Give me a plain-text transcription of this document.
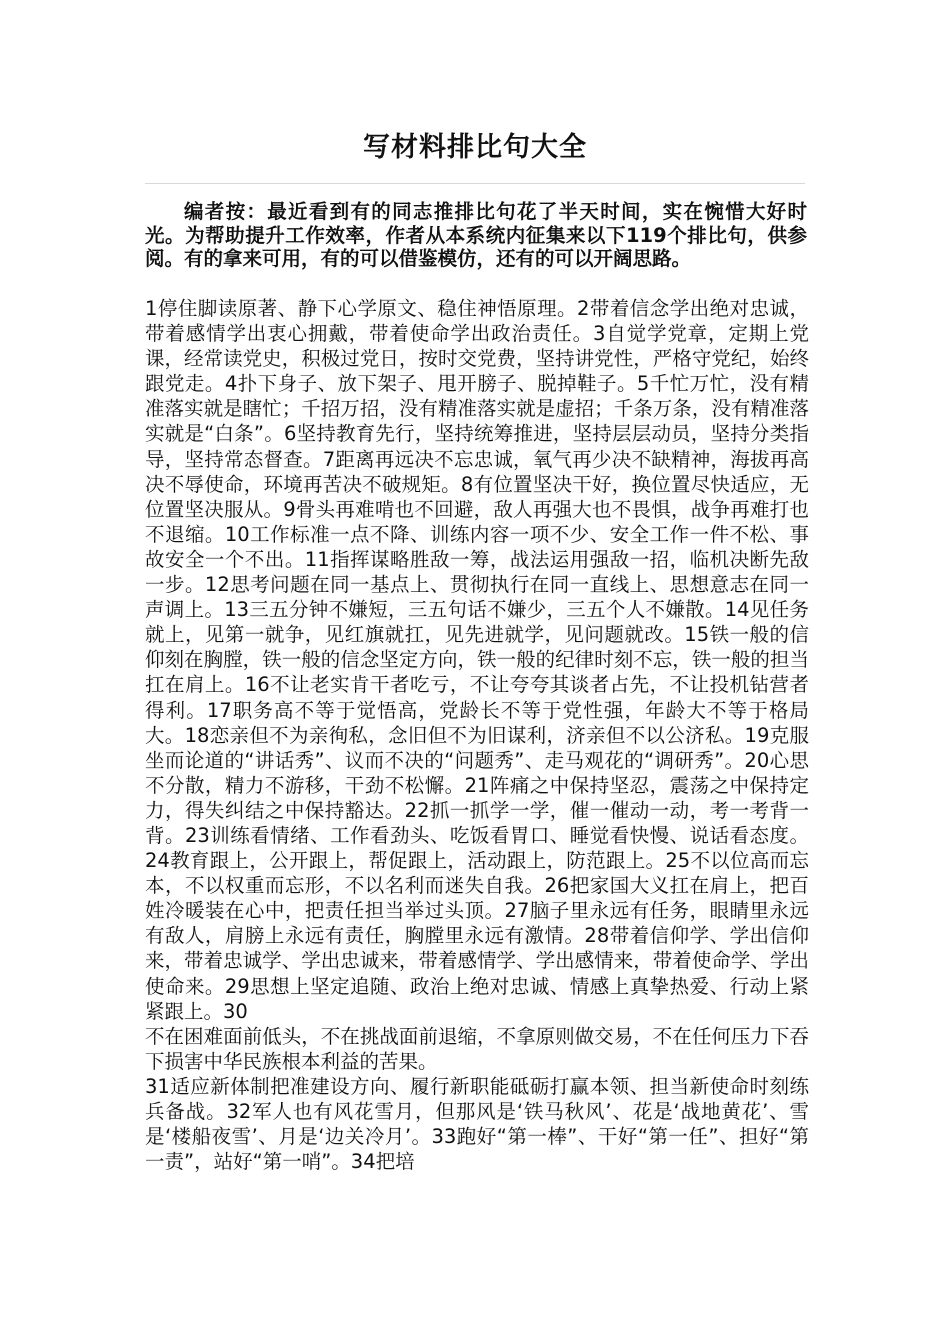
写材料排比句大全

编者按：最近看到有的同志推排比句花了半天时间，实在惋惜大好时光。为帮助提升工作效率，作者从本系统内征集来以下119个排比句，供参阅。有的拿来可用，有的可以借鉴模仿，还有的可以开阔思路。

1停住脚读原著、静下心学原文、稳住神悟原理。2带着信念学出绝对忠诚，带着感情学出衷心拥戴，带着使命学出政治责任。3自觉学党章，定期上党课，经常读党史，积极过党日，按时交党费，坚持讲党性，严格守党纪，始终跟党走。4扑下身子、放下架子、甩开膀子、脱掉鞋子。5千忙万忙，没有精准落实就是瞎忙；千招万招，没有精准落实就是虚招；千条万条，没有精准落实就是“白条”。6坚持教育先行，坚持统筹推进，坚持层层动员，坚持分类指导，坚持常态督查。7距离再远决不忘忠诚，氧气再少决不缺精神，海拔再高决不辱使命，环境再苦决不破规矩。8有位置坚决干好，换位置尽快适应，无位置坚决服从。9骨头再难啃也不回避，敌人再强大也不畏惧，战争再难打也不退缩。10工作标准一点不降、训练内容一项不少、安全工作一件不松、事故安全一个不出。11指挥谋略胜敌一筹，战法运用强敌一招，临机决断先敌一步。12思考问题在同一基点上、贯彻执行在同一直线上、思想意志在同一声调上。13三五分钟不嫌短，三五句话不嫌少，三五个人不嫌散。14见任务就上，见第一就争，见红旗就扛，见先进就学，见问题就改。15铁一般的信仰刻在胸膛，铁一般的信念坚定方向，铁一般的纪律时刻不忘，铁一般的担当扛在肩上。16不让老实肯干者吃亏，不让夸夸其谈者占先，不让投机钻营者得利。17职务高不等于觉悟高，党龄长不等于党性强，年龄大不等于格局大。18恋亲但不为亲徇私，念旧但不为旧谋利，济亲但不以公济私。19克服坐而论道的“讲话秀”、议而不决的“问题秀”、走马观花的“调研秀”。20心思不分散，精力不游移，干劲不松懈。21阵痛之中保持坚忍，震荡之中保持定力，得失纠结之中保持豁达。22抓一抓学一学，催一催动一动，考一考背一背。23训练看情绪、工作看劲头、吃饭看胃口、睡觉看快慢、说话看态度。24教育跟上，公开跟上，帮促跟上，活动跟上，防范跟上。25不以位高而忘本，不以权重而忘形，不以名利而迷失自我。26把家国大义扛在肩上，把百姓冷暖装在心中，把责任担当举过头顶。27脑子里永远有任务，眼睛里永远有敌人，肩膀上永远有责任，胸膛里永远有激情。28带着信仰学、学出信仰来，带着忠诚学、学出忠诚来，带着感情学、学出感情来，带着使命学、学出使命来。29思想上坚定追随、政治上绝对忠诚、情感上真挚热爱、行动上紧紧跟上。30

不在困难面前低头，不在挑战面前退缩，不拿原则做交易，不在任何压力下吞下损害中华民族根本利益的苦果。

31适应新体制把准建设方向、履行新职能砥砺打赢本领、担当新使命时刻练兵备战。32军人也有风花雪月，但那风是‘铁马秋风’、花是‘战地黄花’、雪是‘楼船夜雪’、月是‘边关冷月’。33跑好“第一棒”、干好“第一任”、担好“第一责”，站好“第一哨”。34把培
